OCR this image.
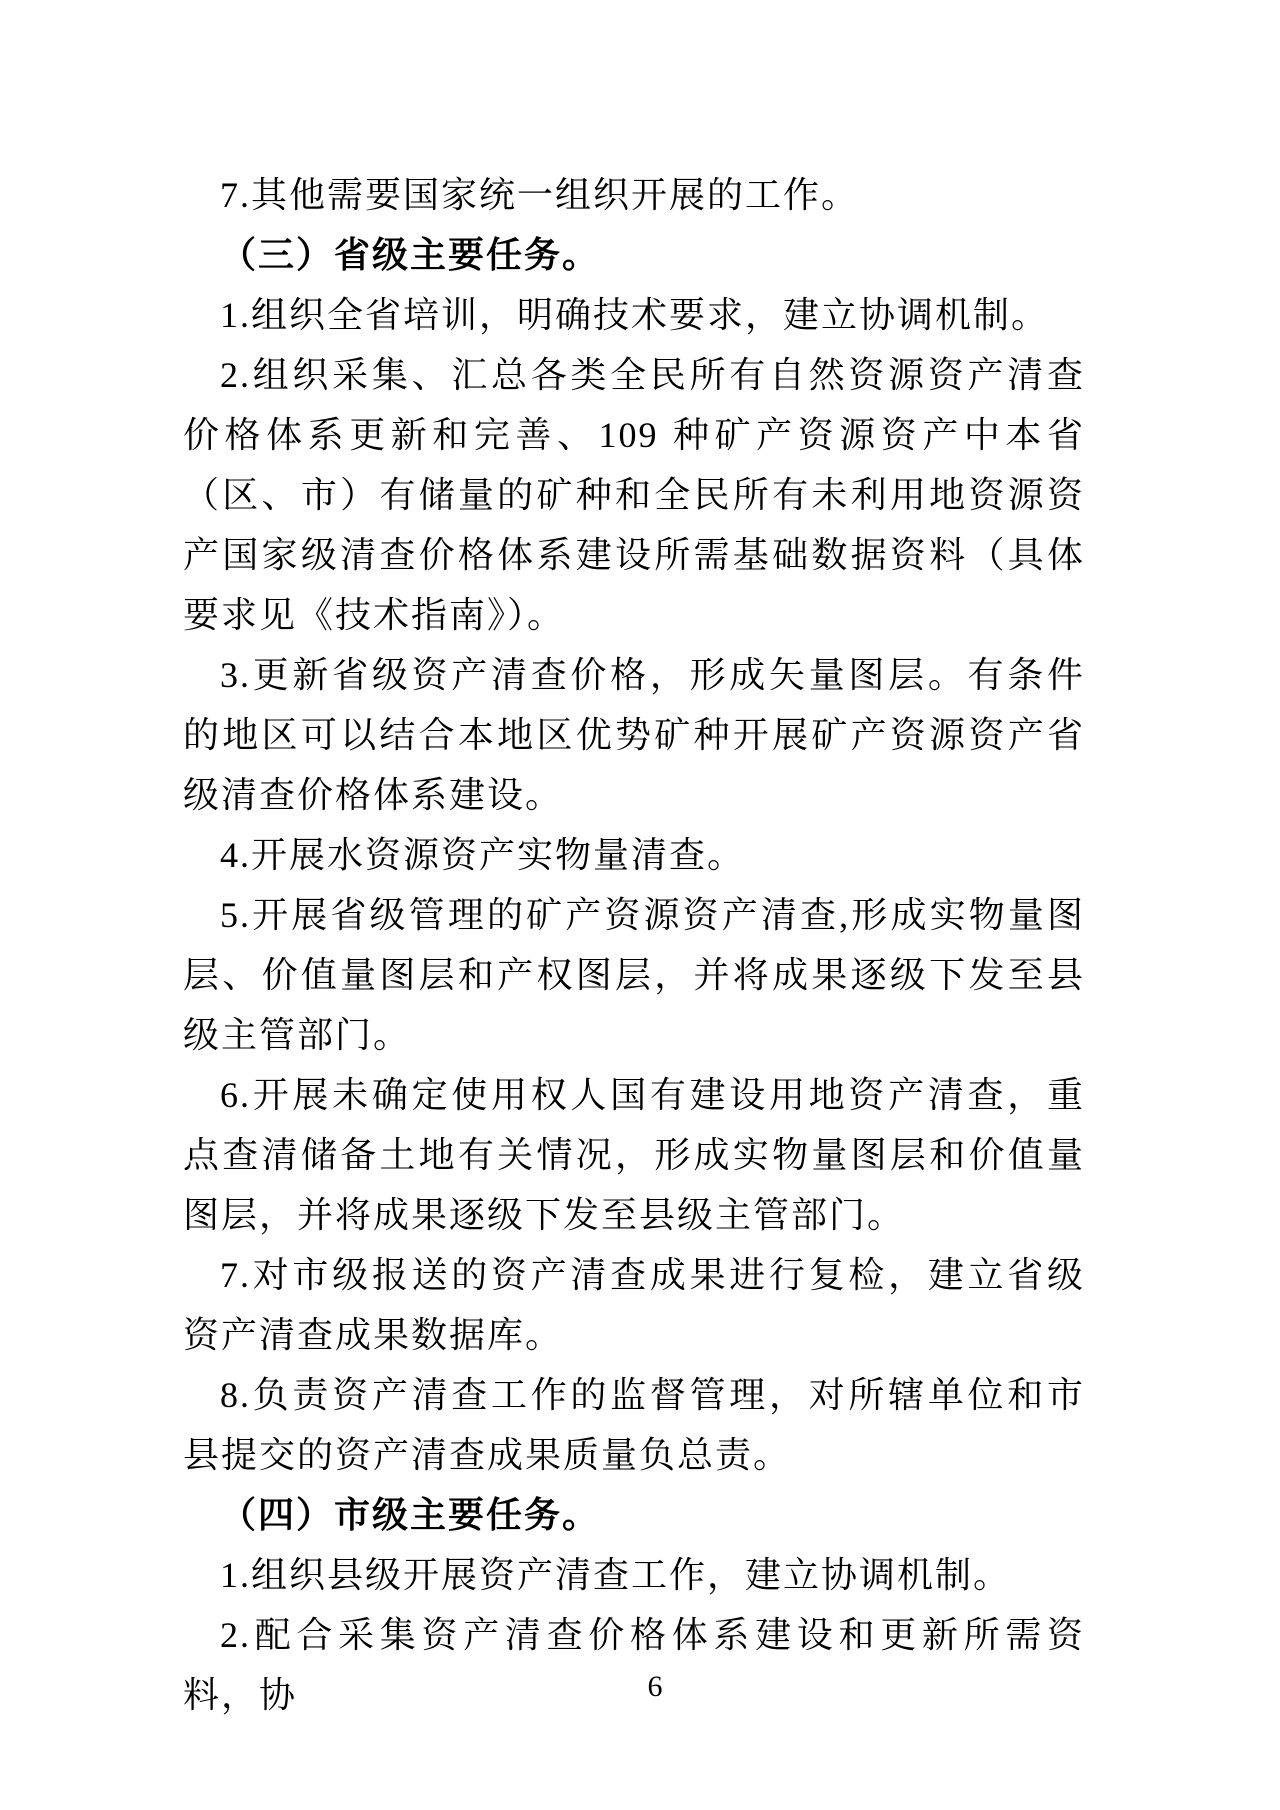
7.其他需要国家统一组织开展的工作。

（三）省级主要任务。

1.组织全省培训，明确技术要求，建立协调机制。

2.组织采集、汇总各类全民所有自然资源资产清查价格体系更新和完善、109 种矿产资源资产中本省（区、市）有储量的矿种和全民所有未利用地资源资产国家级清查价格体系建设所需基础数据资料（具体要求见《技术指南》）。

3.更新省级资产清查价格，形成矢量图层。有条件的地区可以结合本地区优势矿种开展矿产资源资产省级清查价格体系建设。

4.开展水资源资产实物量清查。

5.开展省级管理的矿产资源资产清查,形成实物量图层、价值量图层和产权图层，并将成果逐级下发至县级主管部门。

6.开展未确定使用权人国有建设用地资产清查，重点查清储备土地有关情况，形成实物量图层和价值量图层，并将成果逐级下发至县级主管部门。

7.对市级报送的资产清查成果进行复检，建立省级资产清查成果数据库。

8.负责资产清查工作的监督管理，对所辖单位和市县提交的资产清查成果质量负总责。

（四）市级主要任务。

1.组织县级开展资产清查工作，建立协调机制。

2.配合采集资产清查价格体系建设和更新所需资料，协	6
